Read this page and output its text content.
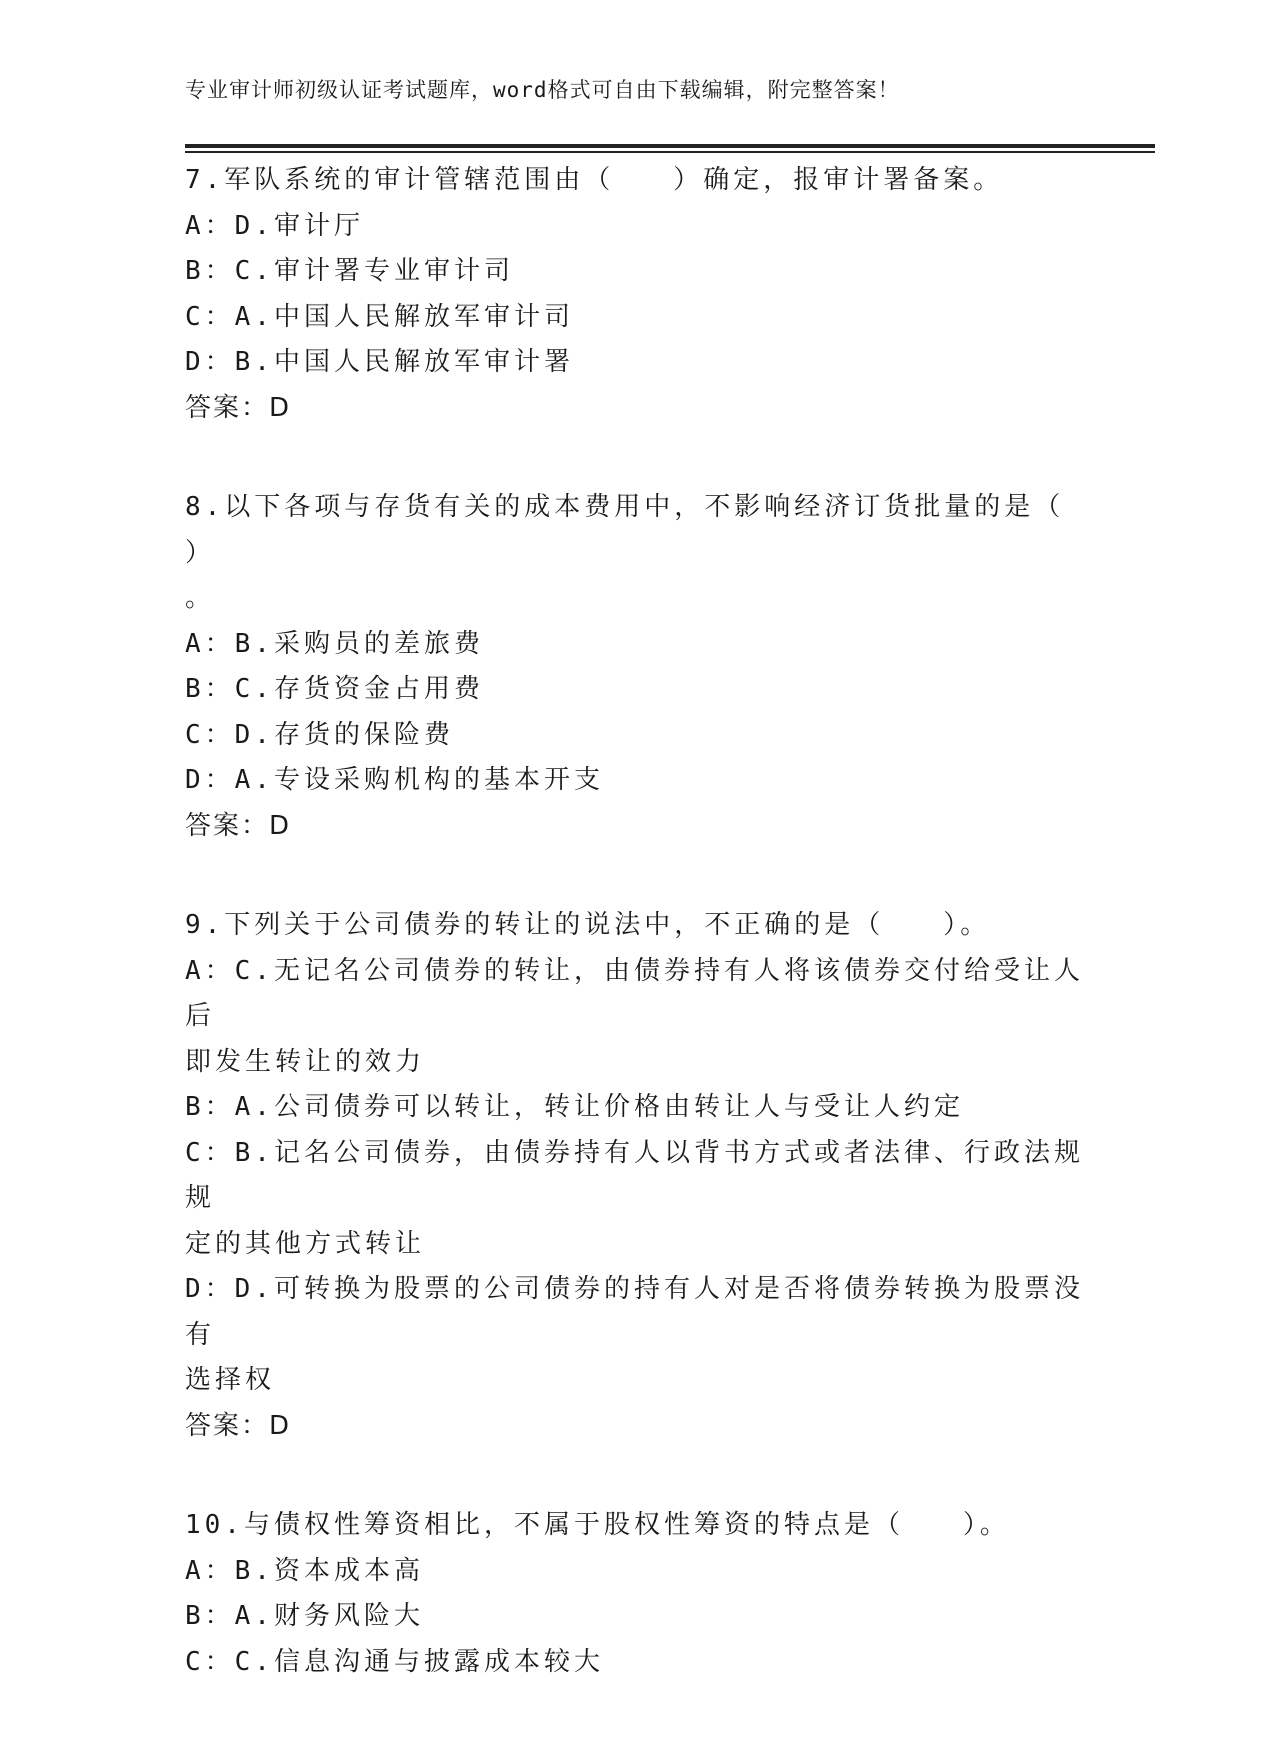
专业审计师初级认证考试题库，word格式可自由下载编辑，附完整答案！
7.军队系统的审计管辖范围由（   ）确定，报审计署备案。
A：D.审计厅
B：C.审计署专业审计司
C：A.中国人民解放军审计司
D：B.中国人民解放军审计署
答案：D
8.以下各项与存货有关的成本费用中，不影响经济订货批量的是（ ）
。
A：B.采购员的差旅费
B：C.存货资金占用费
C：D.存货的保险费
D：A.专设采购机构的基本开支
答案：D
9.下列关于公司债券的转让的说法中，不正确的是（   ）。
A：C.无记名公司债券的转让，由债券持有人将该债券交付给受让人后
即发生转让的效力
B：A.公司债券可以转让，转让价格由转让人与受让人约定
C：B.记名公司债券，由债券持有人以背书方式或者法律、行政法规规
定的其他方式转让
D：D.可转换为股票的公司债券的持有人对是否将债券转换为股票没有
选择权
答案：D
10.与债权性筹资相比，不属于股权性筹资的特点是（   ）。
A：B.资本成本高
B：A.财务风险大
C：C.信息沟通与披露成本较大
